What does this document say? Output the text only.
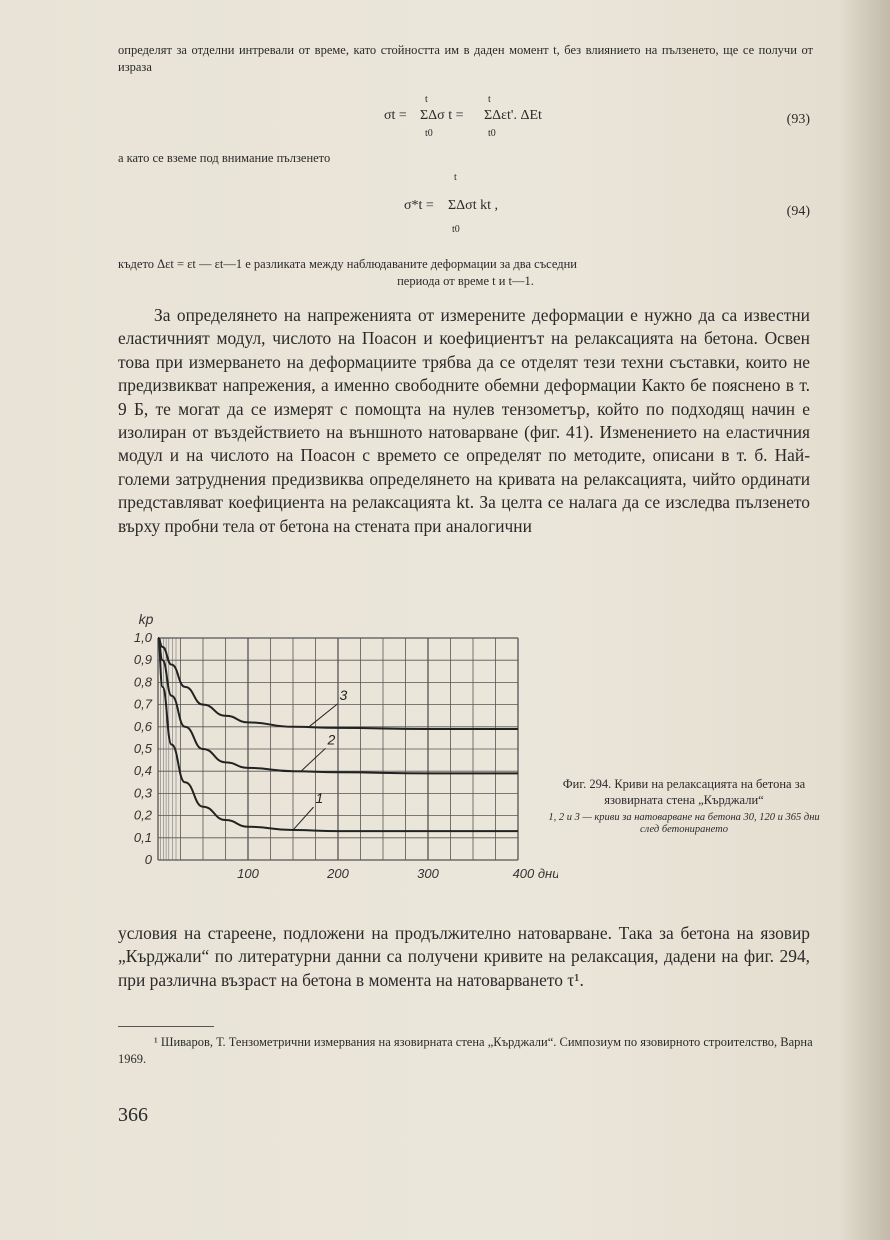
определят за отделни интревали от време, като стойността им в даден момент t, без влиянието на пълзенето, ще се получи от израза
t	t
σt = ΣΔσ t = ΣΔεt'. ΔEt
t0	t0
(93)
а като се вземе под внимание пълзенето
t
σ*t = ΣΔσt kt ,
t0
(94)
където Δεt = εt — εt—1 е разликата между наблюдаваните деформации за два съседни
периода от време t и t—1.

За определянето на напреженията от измерените деформации е нужно да са известни еластичният модул, числото на Поасон и коефициентът на релаксацията на бетона. Освен това при измерването на деформациите трябва да се отделят тези техни съставки, които не предизвикват напрежения, а именно свободните обемни деформации Както бе пояснено в т. 9 Б, те могат да се измерят с помощта на нулев тензометър, който по подходящ начин е изолиран от въздействието на външното натоварване (фиг. 41). Изменението на еластичния модул и на числото на Поасон с времето се определят по методите, описани в т. б. Най-големи затруднения предизвиква определянето на кривата на релаксацията, чийто ординати представляват коефициента на релаксацията kt. За целта се налага да се изследва пълзенето върху пробни тела от бетона на стената при аналогични

0
0,1
0,2
0,3
0,4
0,5
0,6
0,7
0,8
0,9
1,0
100	200	300	400 дни
kр
1
2
3
Фиг. 294. Криви на релаксацията на бетона за язовирната стена „Кърджали“
1, 2 и 3 — криви за натоварване на бетона 30, 120 и 365 дни след бетонирането

условия на стареене, подложени на продължително натоварване. Така за бетона на язовир „Кърджали“ по литературни данни са получени кривите на релаксация, дадени на фиг. 294, при различна възраст на бетона в момента на натоварването τ¹.

¹ Шиваров, Т. Тензометрични измервания на язовирната стена „Кърджали“. Симпозиум по язовирното строителство, Варна 1969.
366
